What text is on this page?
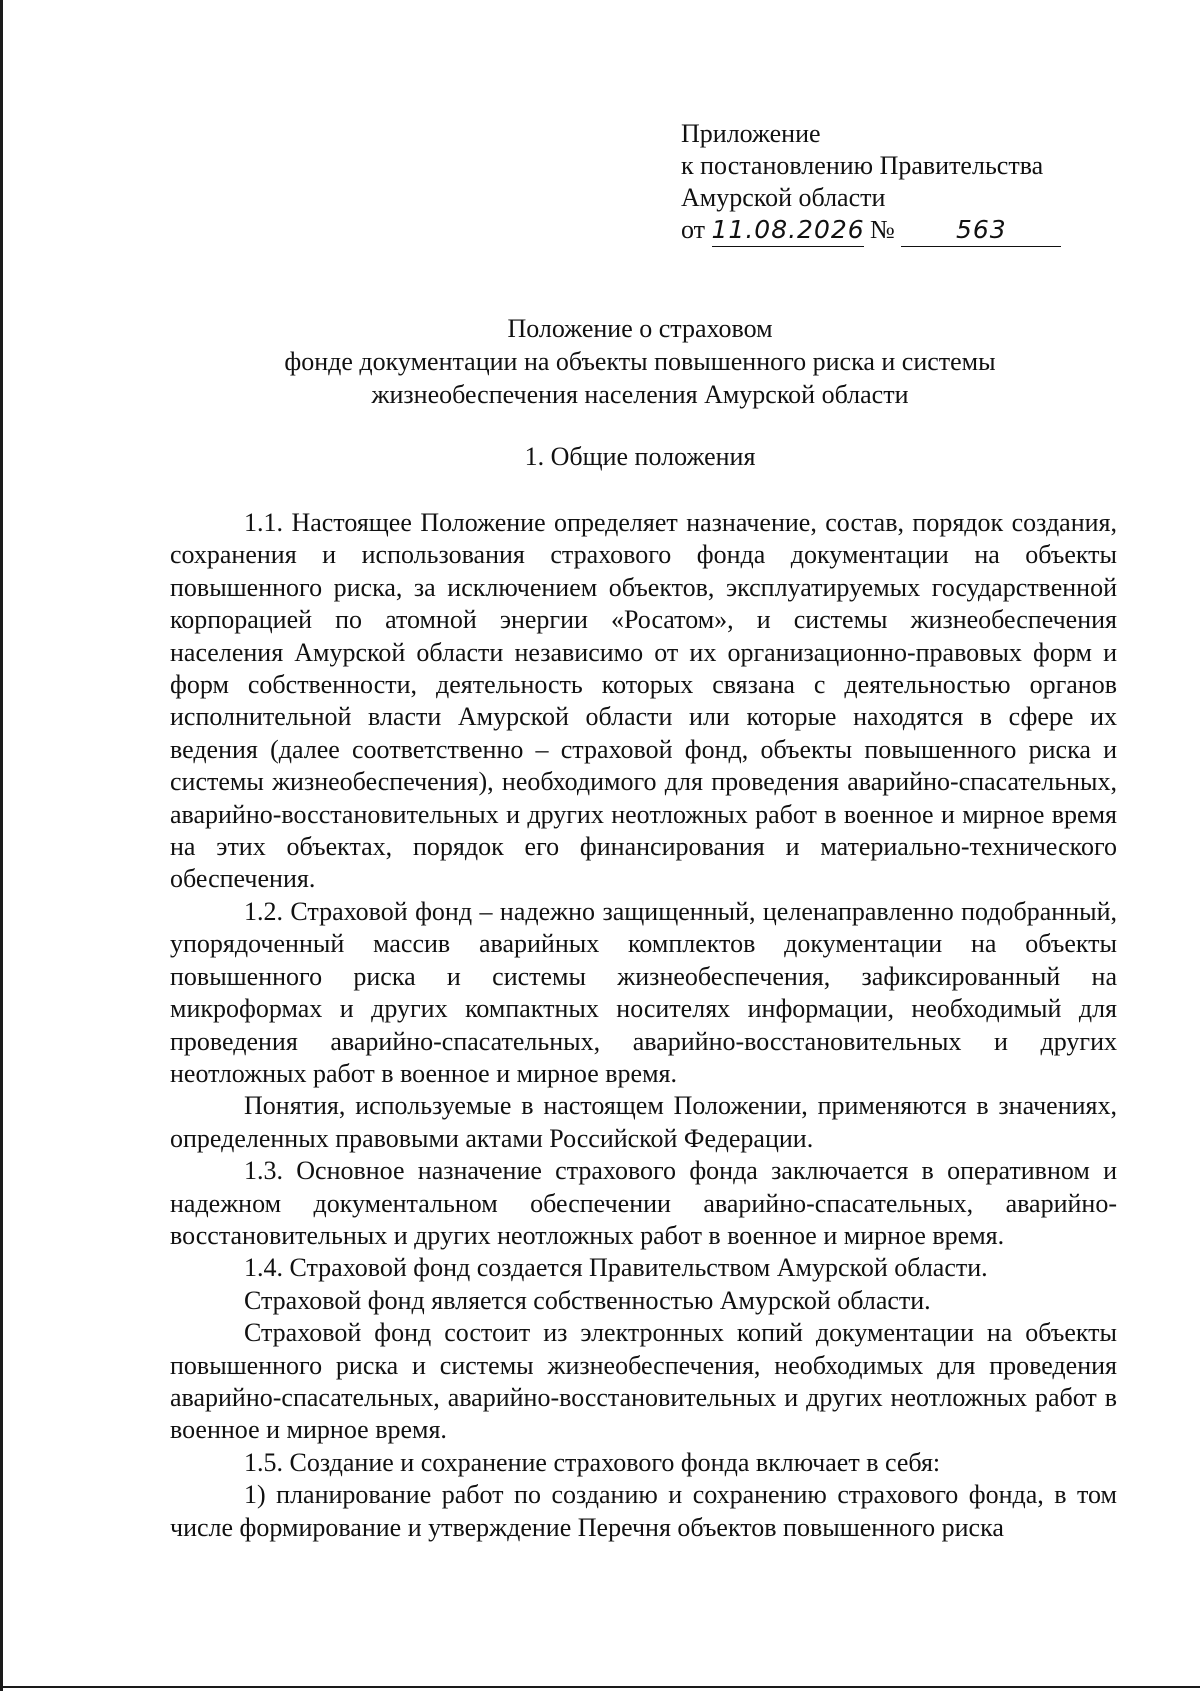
Приложение
к постановлению Правительства
Амурской области
от 11.08.2026 № 563
Положение о страховом
фонде документации на объекты повышенного риска и системы
жизнеобеспечения населения Амурской области
1. Общие положения

1.1. Настоящее Положение определяет назначение, состав, порядок создания, сохранения и использования страхового фонда документации на объекты повышенного риска, за исключением объектов, эксплуатируемых государственной корпорацией по атомной энергии «Росатом», и системы жизнеобеспечения населения Амурской области независимо от их организационно-правовых форм и форм собственности, деятельность которых связана с деятельностью органов исполнительной власти Амурской области или которые находятся в сфере их ведения (далее соответственно – страховой фонд, объекты повышенного риска и системы жизнеобеспечения), необходимого для проведения аварийно-спасательных, аварийно-восстановительных и других неотложных работ в военное и мирное время на этих объектах, порядок его финансирования и материально-технического обеспечения.

1.2. Страховой фонд – надежно защищенный, целенаправленно подобранный, упорядоченный массив аварийных комплектов документации на объекты повышенного риска и системы жизнеобеспечения, зафиксированный на микроформах и других компактных носителях информации, необходимый для проведения аварийно-спасательных, аварийно-восстановительных и других неотложных работ в военное и мирное время.

Понятия, используемые в настоящем Положении, применяются в значениях, определенных правовыми актами Российской Федерации.

1.3. Основное назначение страхового фонда заключается в оперативном и надежном документальном обеспечении аварийно-спасательных, аварийно-восстановительных и других неотложных работ в военное и мирное время.

1.4. Страховой фонд создается Правительством Амурской области.

Страховой фонд является собственностью Амурской области.

Страховой фонд состоит из электронных копий документации на объекты повышенного риска и системы жизнеобеспечения, необходимых для проведения аварийно-спасательных, аварийно-восстановительных и других неотложных работ в военное и мирное время.

1.5. Создание и сохранение страхового фонда включает в себя:

1) планирование работ по созданию и сохранению страхового фонда, в том числе формирование и утверждение Перечня объектов повышенного риска
